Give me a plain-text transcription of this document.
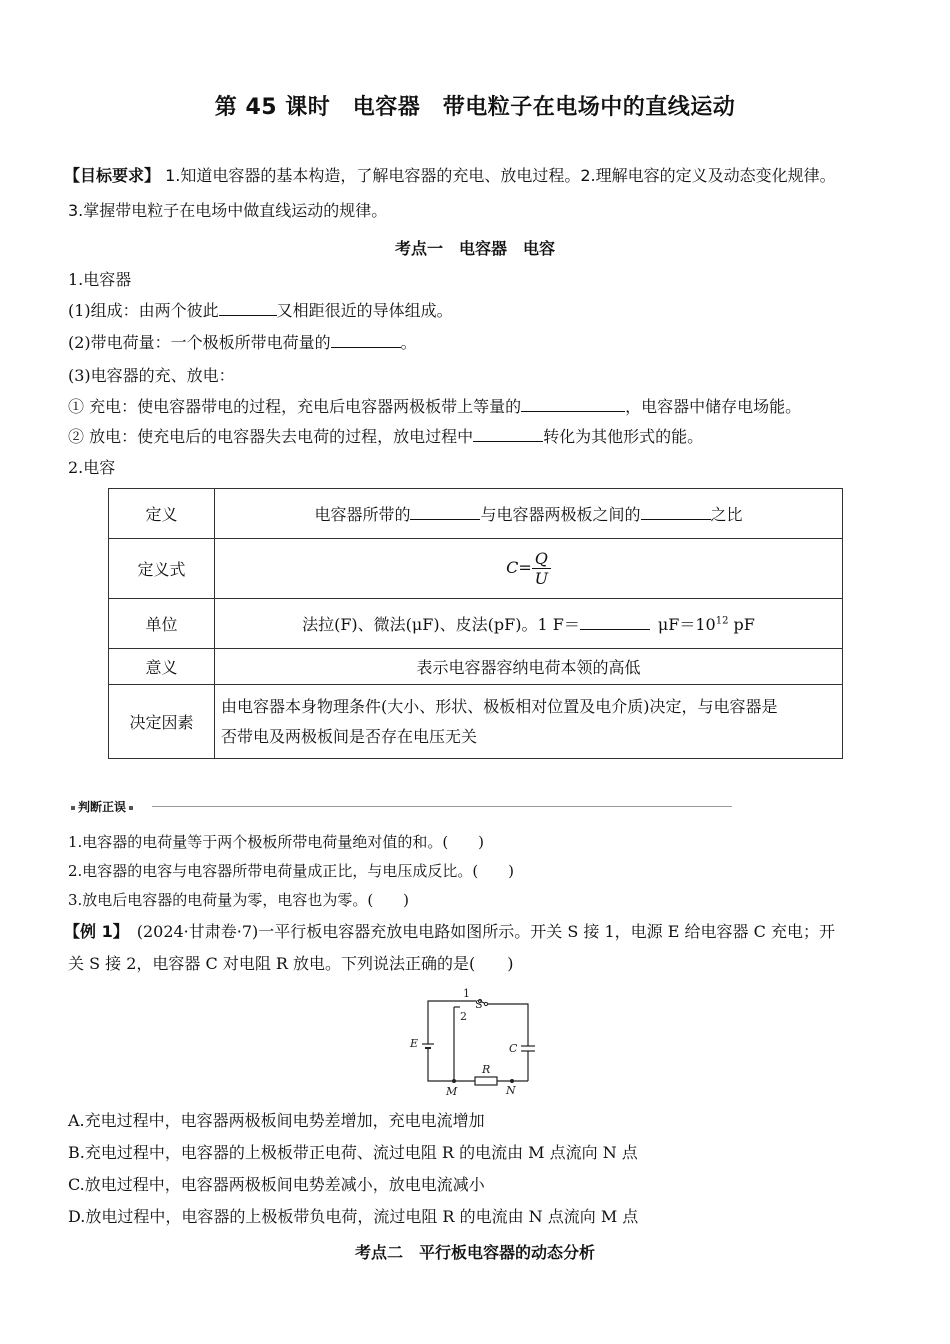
第 45 课时　电容器　带电粒子在电场中的直线运动
【目标要求】 1.知道电容器的基本构造，了解电容器的充电、放电过程。2.理解电容的定义及动态变化规律。
3.掌握带电粒子在电场中做直线运动的规律。
考点一　电容器　电容
1.电容器
(1)组成：由两个彼此	又相距很近的导体组成。
(2)带电荷量：一个极板所带电荷量的	。
(3)电容器的充、放电：
① 充电：使电容器带电的过程，充电后电容器两极板带上等量的	，电容器中储存电场能。
② 放电：使充电后的电容器失去电荷的过程，放电过程中	转化为其他形式的能。
2.电容
定义	电容器所带的 与电容器两极板之间的 之比
定义式	$C= \frac{Q}{U}$

单位	法拉(F)、微法(μF)、皮法(pF)。1 $F= \mu F=10^{12}$ pF
意义	表示电容器容纳电荷本领的高低
决定因素	由电容器本身物理条件(大小、形状、极板相对位置及电介质)决定，与电容器是
否带电及两极板间是否存在电压无关
判断正误
1.电容器的电荷量等于两个极板所带电荷量绝对值的和。(　　)
2.电容器的电容与电容器所带电荷量成正比，与电压成反比。(　　)
3.放电后电容器的电荷量为零，电容也为零。(　　)
【例 1】　(2024·甘肃卷·7)一平行板电容器充放电电路如图所示。开关 S 接 1，电源 E 给电容器 C 充电；开
关 S 接 2，电容器 C 对电阻 R 放电。下列说法正确的是(　　)
1
S
2
E	C
R
M	N
A.充电过程中，电容器两极板间电势差增加，充电电流增加
B.充电过程中，电容器的上极板带正电荷、流过电阻 R 的电流由 M 点流向 N 点
C.放电过程中，电容器两极板间电势差减小，放电电流减小
D.放电过程中，电容器的上极板带负电荷，流过电阻 R 的电流由 N 点流向 M 点
考点二　平行板电容器的动态分析
